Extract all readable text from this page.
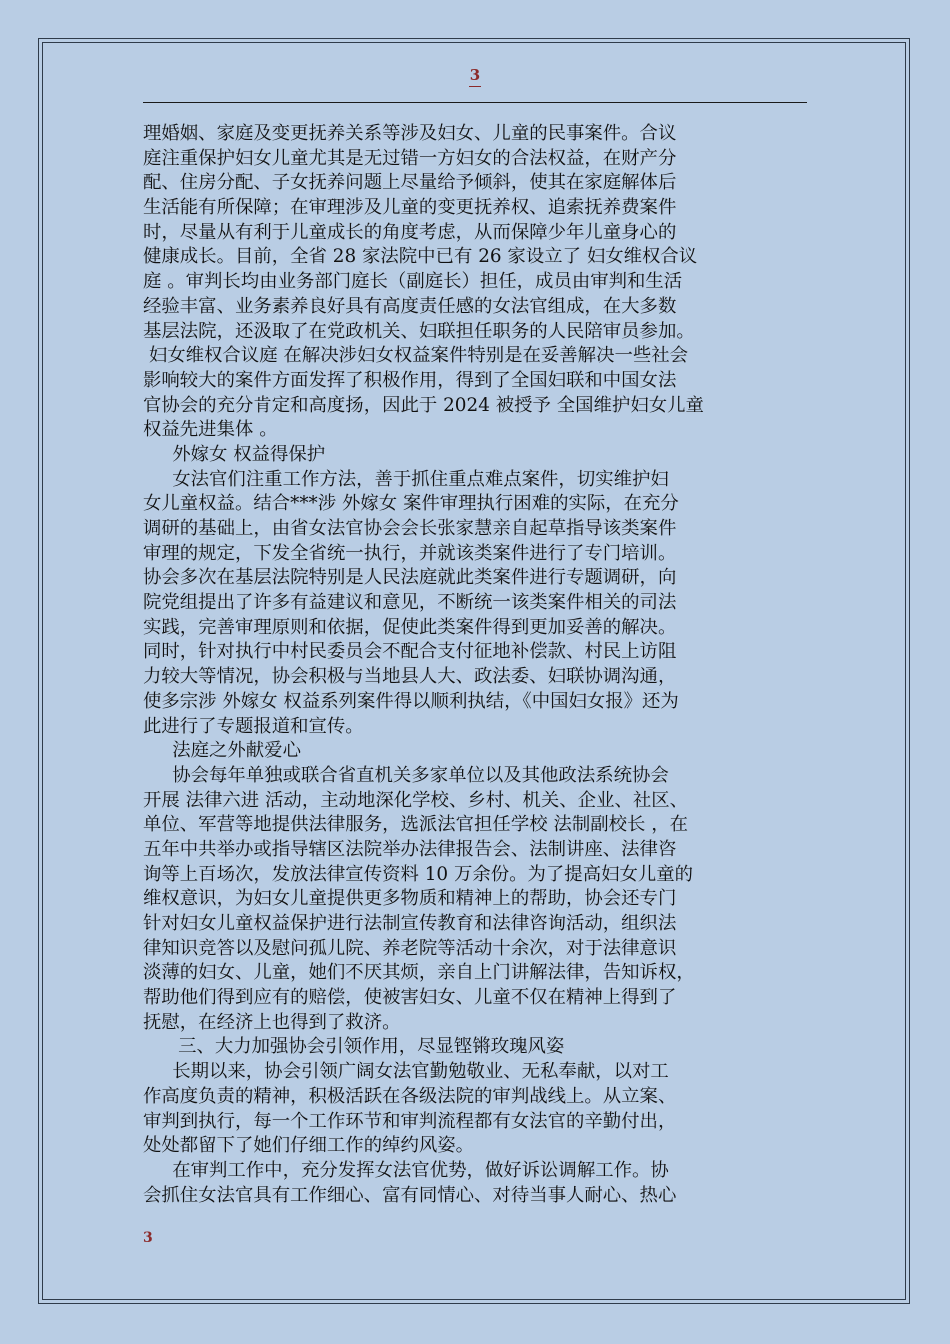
3
理婚姻、家庭及变更抚养关系等涉及妇女、儿童的民事案件。合议
庭注重保护妇女儿童尤其是无过错一方妇女的合法权益，在财产分
配、住房分配、子女抚养问题上尽量给予倾斜，使其在家庭解体后
生活能有所保障；在审理涉及儿童的变更抚养权、追索抚养费案件
时，尽量从有利于儿童成长的角度考虑，从而保障少年儿童身心的
健康成长。目前，全省 28 家法院中已有 26 家设立了 妇女维权合议
庭 。审判长均由业务部门庭长（副庭长）担任，成员由审判和生活
经验丰富、业务素养良好具有高度责任感的女法官组成，在大多数
基层法院，还汲取了在党政机关、妇联担任职务的人民陪审员参加。
妇女维权合议庭 在解决涉妇女权益案件特别是在妥善解决一些社会
影响较大的案件方面发挥了积极作用，得到了全国妇联和中国女法
官协会的充分肯定和高度扬，因此于 2024 被授予 全国维护妇女儿童
权益先进集体 。
外嫁女 权益得保护
女法官们注重工作方法，善于抓住重点难点案件，切实维护妇
女儿童权益。结合***涉 外嫁女 案件审理执行困难的实际，在充分
调研的基础上，由省女法官协会会长张家慧亲自起草指导该类案件
审理的规定，下发全省统一执行，并就该类案件进行了专门培训。
协会多次在基层法院特别是人民法庭就此类案件进行专题调研，向
院党组提出了许多有益建议和意见，不断统一该类案件相关的司法
实践，完善审理原则和依据，促使此类案件得到更加妥善的解决。
同时，针对执行中村民委员会不配合支付征地补偿款、村民上访阻
力较大等情况，协会积极与当地县人大、政法委、妇联协调沟通，
使多宗涉 外嫁女 权益系列案件得以顺利执结，《中国妇女报》还为
此进行了专题报道和宣传。
法庭之外献爱心
协会每年单独或联合省直机关多家单位以及其他政法系统协会
开展 法律六进 活动，主动地深化学校、乡村、机关、企业、社区、
单位、军营等地提供法律服务，选派法官担任学校 法制副校长 ，在
五年中共举办或指导辖区法院举办法律报告会、法制讲座、法律咨
询等上百场次，发放法律宣传资料 10 万余份。为了提高妇女儿童的
维权意识，为妇女儿童提供更多物质和精神上的帮助，协会还专门
针对妇女儿童权益保护进行法制宣传教育和法律咨询活动，组织法
律知识竞答以及慰问孤儿院、养老院等活动十余次，对于法律意识
淡薄的妇女、儿童，她们不厌其烦，亲自上门讲解法律，告知诉权，
帮助他们得到应有的赔偿，使被害妇女、儿童不仅在精神上得到了
抚慰，在经济上也得到了救济。
三、大力加强协会引领作用，尽显铿锵玫瑰风姿
长期以来，协会引领广阔女法官勤勉敬业、无私奉献，以对工
作高度负责的精神，积极活跃在各级法院的审判战线上。从立案、
审判到执行，每一个工作环节和审判流程都有女法官的辛勤付出，
处处都留下了她们仔细工作的绰约风姿。
在审判工作中，充分发挥女法官优势，做好诉讼调解工作。协
会抓住女法官具有工作细心、富有同情心、对待当事人耐心、热心
3
